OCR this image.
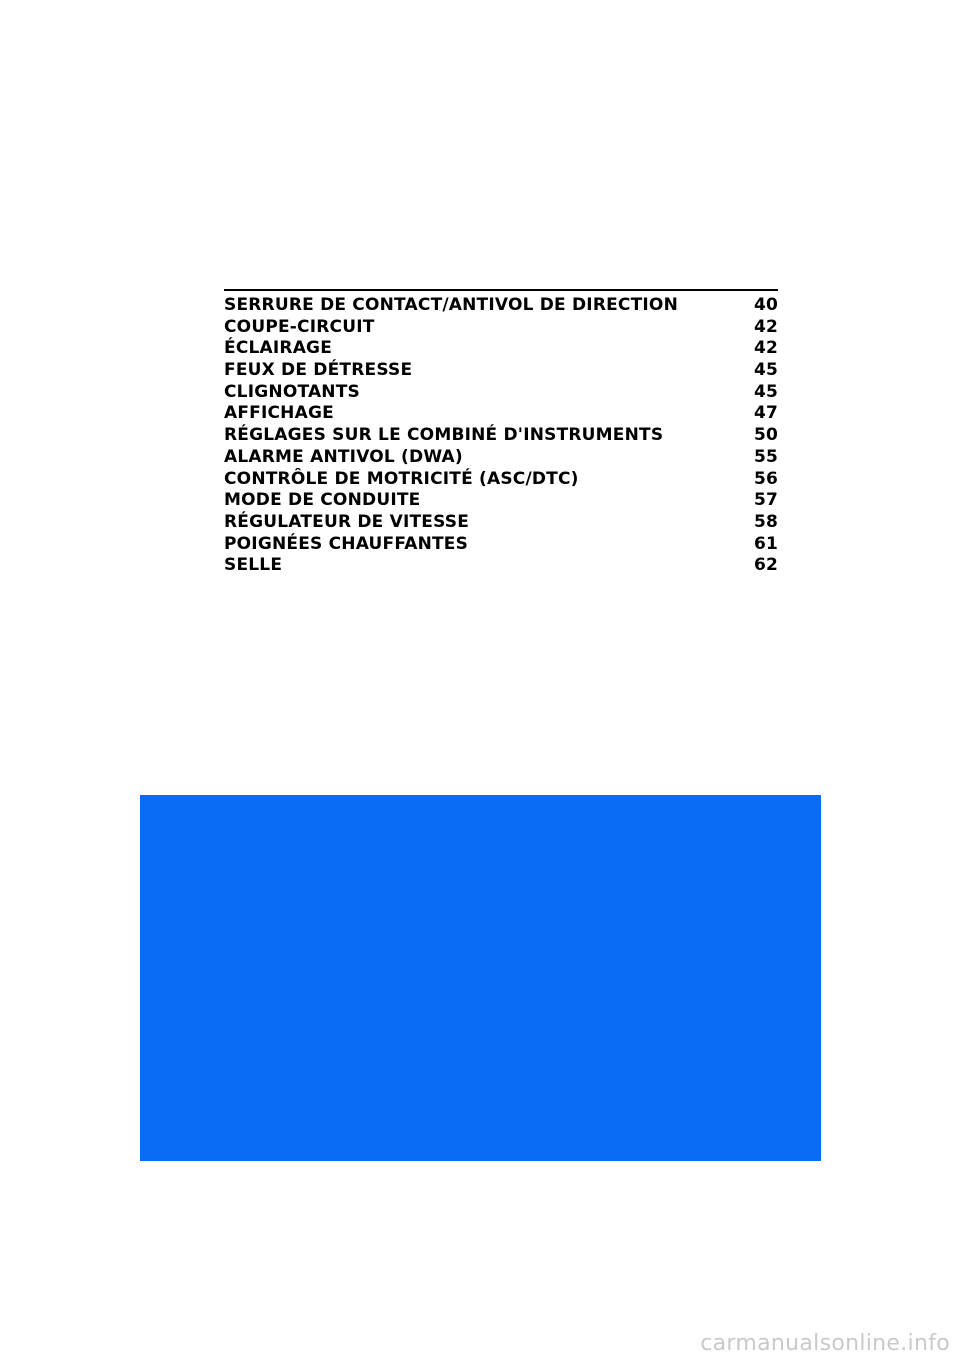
SERRURE DE CONTACT/ANTIVOL DE DIRECTION	40
COUPE-CIRCUIT	42
ÉCLAIRAGE	42
FEUX DE DÉTRESSE	45
CLIGNOTANTS	45
AFFICHAGE	47
RÉGLAGES SUR LE COMBINÉ D'INSTRUMENTS	50
ALARME ANTIVOL (DWA)	55
CONTRÔLE DE MOTRICITÉ (ASC/DTC)	56
MODE DE CONDUITE	57
RÉGULATEUR DE VITESSE	58
POIGNÉES CHAUFFANTES	61
SELLE	62
carmanualsonline.info
